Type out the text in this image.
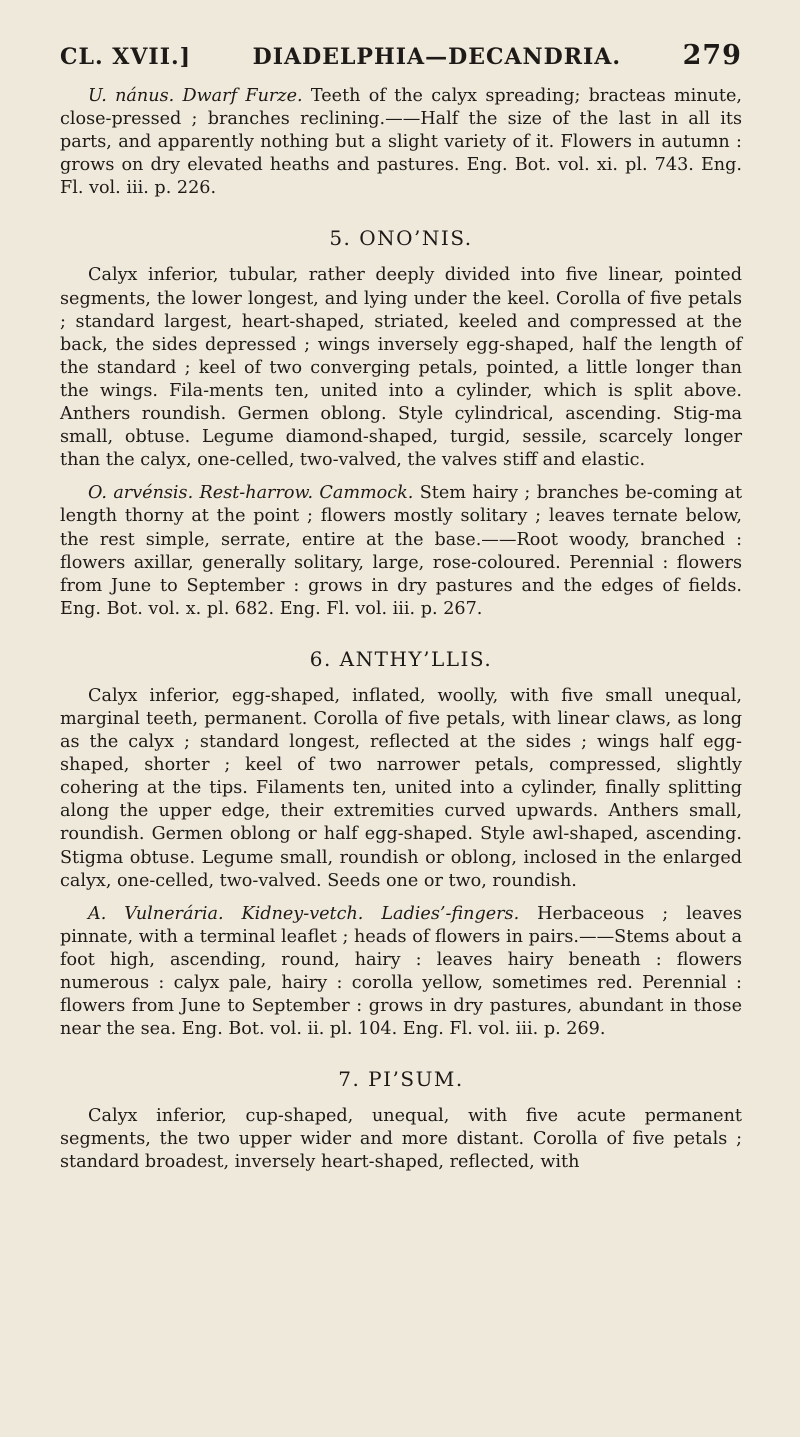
CL. XVII.]	DIADELPHIA—DECANDRIA. 279

U. nánus. Dwarf Furze. Teeth of the calyx spreading; bracteas minute, close-pressed ; branches reclining.——Half the size of the last in all its parts, and apparently nothing but a slight variety of it. Flowers in autumn : grows on dry elevated heaths and pastures. Eng. Bot. vol. xi. pl. 743. Eng. Fl. vol. iii. p. 226.

5. ONO’NIS.

Calyx inferior, tubular, rather deeply divided into five linear, pointed segments, the lower longest, and lying under the keel. Corolla of five petals ; standard largest, heart-shaped, striated, keeled and compressed at the back, the sides depressed ; wings inversely egg-shaped, half the length of the standard ; keel of two converging petals, pointed, a little longer than the wings. Fila-ments ten, united into a cylinder, which is split above. Anthers roundish. Germen oblong. Style cylindrical, ascending. Stig-ma small, obtuse. Legume diamond-shaped, turgid, sessile, scarcely longer than the calyx, one-celled, two-valved, the valves stiff and elastic.

O. arvénsis. Rest-harrow. Cammock. Stem hairy ; branches be-coming at length thorny at the point ; flowers mostly solitary ; leaves ternate below, the rest simple, serrate, entire at the base.——Root woody, branched : flowers axillar, generally solitary, large, rose-coloured. Perennial : flowers from June to September : grows in dry pastures and the edges of fields. Eng. Bot. vol. x. pl. 682. Eng. Fl. vol. iii. p. 267.

6. ANTHY’LLIS.

Calyx inferior, egg-shaped, inflated, woolly, with five small unequal, marginal teeth, permanent. Corolla of five petals, with linear claws, as long as the calyx ; standard longest, reflected at the sides ; wings half egg-shaped, shorter ; keel of two narrower petals, compressed, slightly cohering at the tips. Filaments ten, united into a cylinder, finally splitting along the upper edge, their extremities curved upwards. Anthers small, roundish. Germen oblong or half egg-shaped. Style awl-shaped, ascending. Stigma obtuse. Legume small, roundish or oblong, inclosed in the enlarged calyx, one-celled, two-valved. Seeds one or two, roundish.

A. Vulneráriа. Kidney-vetch. Ladies’-fingers. Herbaceous ; leaves pinnate, with a terminal leaflet ; heads of flowers in pairs.——Stems about a foot high, ascending, round, hairy : leaves hairy beneath : flowers numerous : calyx pale, hairy : corolla yellow, sometimes red. Perennial : flowers from June to September : grows in dry pastures, abundant in those near the sea. Eng. Bot. vol. ii. pl. 104. Eng. Fl. vol. iii. p. 269.

7. PI’SUM.

Calyx inferior, cup-shaped, unequal, with five acute permanent segments, the two upper wider and more distant. Corolla of five petals ; standard broadest, inversely heart-shaped, reflected, with
